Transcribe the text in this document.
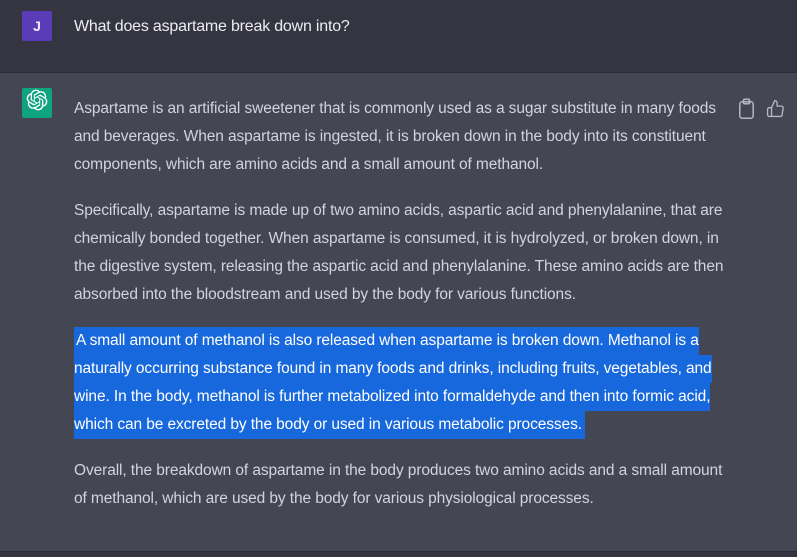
J What does aspartame break down into?

Aspartame is an artificial sweetener that is commonly used as a sugar substitute in many foods and beverages. When aspartame is ingested, it is broken down in the body into its constituent components, which are amino acids and a small amount of methanol.

Specifically, aspartame is made up of two amino acids, aspartic acid and phenylalanine, that are chemically bonded together. When aspartame is consumed, it is hydrolyzed, or broken down, in the digestive system, releasing the aspartic acid and phenylalanine. These amino acids are then absorbed into the bloodstream and used by the body for various functions.

A small amount of methanol is also released when aspartame is broken down. Methanol is a naturally occurring substance found in many foods and drinks, including fruits, vegetables, and wine. In the body, methanol is further metabolized into formaldehyde and then into formic acid, which can be excreted by the body or used in various metabolic processes.

Overall, the breakdown of aspartame in the body produces two amino acids and a small amount of methanol, which are used by the body for various physiological processes.
